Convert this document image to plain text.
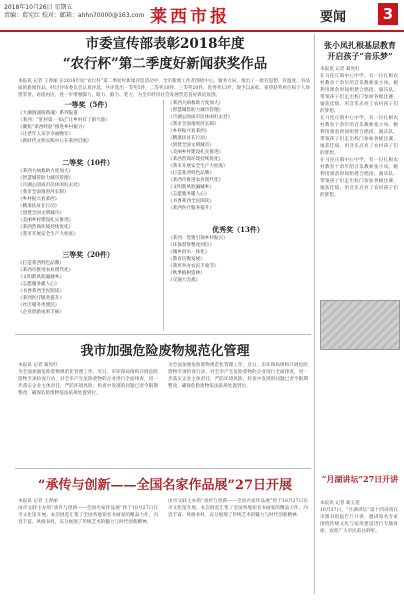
2018年10月26日 星期五
责编：葛宪红 校对：邮箱：ahhn70000@163.com 莱西市报	要闻	3
市委宣传部表彰2018年度
“农行杯”第二季度好新闻获奖作品
本报讯 记者 王春丽 在2018年度“农行杯”第二季度好新闻评选活动中，全市新闻工作者围绕中心、服务大局，推出了一批有思想、有温度、有品质的新闻作品。经过评审委员会认真评选，共评选出一等奖5件、二等奖10件、三等奖20件、优秀奖13件，现予以表彰。希望获奖单位和个人珍惜荣誉、再接再厉，进一步增强脚力、眼力、脑力、笔力，为全市经济社会发展营造良好舆论氛围。
一等奖（5件）
《大潮汹涌铸新魂》系列报道
《莱西：“驻村第一书记”让乡村有了新气象》
《聚焦“莱西经验”推进乡村振兴》
《让老年人乐享幸福晚年》
《新时代文明实践中心在莱西启航》
二等奖（10件）
《莱西大病救助力度加大》
《智慧城管助力城市管理》
《月湖公园成市民休闲好去处》
《我市全面推进河长制》
《乡村振兴看莱西》
《精准扶贫在行动》
《创建全国文明城市》
《美丽乡村建设扎实推进》
《莱西营商环境持续优化》
《我市开展安全生产大检查》
三等奖（20件）
《打造莱西特色品牌》
《莱西市推进农业现代化》
《文明新风吹遍城乡》
《志愿服务暖人心》
《书香莱西全民阅读》
《莱西医疗服务提升》
《社区服务更便民》
《企业创新成果丰硕》
《莱西大病救助力度加大》
《智慧城管助力城市管理》
《月湖公园成市民休闲好去处》
《我市全面推进河长制》
《乡村振兴看莱西》
《精准扶贫在行动》
《创建全国文明城市》
《美丽乡村建设扎实推进》
《莱西营商环境持续优化》
《我市开展安全生产大检查》
《打造莱西特色品牌》
《莱西市推进农业现代化》
《文明新风吹遍城乡》
《志愿服务暖人心》
《书香莱西全民阅读》
《莱西医疗服务提升》
优秀奖（13件）
《莱西：党建引领乡村振兴》
《环保督察整改到位》
《城乡供水一体化》
《教育均衡发展》
《我市举办农民丰收节》
《秋季植树造林》
《交通大会战》
我市加强危险废物规范化管理
本报讯 记者 葛宪红
为全面加强危险废物规范化管理工作，近日，市环保局组织开展危险废物专项检查行动，对全市产生危险废物的企业进行全面排查，进一步落实企业主体责任，严防环境风险。检查中发现的问题已责令限期整改，确保危险废物依法依规处置到位。
为全面加强危险废物规范化管理工作，近日，市环保局组织开展危险废物专项检查行动，对全市产生危险废物的企业进行全面排查，进一步落实企业主体责任，严防环境风险。检查中发现的问题已责令限期整改，确保危险废物依法依规处置到位。
“承传与创新——全国名家作品展”27日开展
本报讯 记者 王春丽
由市文联主办的“承传与创新——全国名家作品展”将于10月27日在市文化馆开展。本次展览汇集了全国各地知名书画家的精品力作，内容丰富、风格多样，充分展现了传统艺术的魅力与时代创新精神。
由市文联主办的“承传与创新——全国名家作品展”将于10月27日在市文化馆开展。本次展览汇集了全国各地知名书画家的精品力作，内容丰富、风格多样，充分展现了传统艺术的魅力与时代创新精神。
张小凤扎根基层教育 开启孩子“音乐梦”
本报讯 记者 葛宪红
在马连庄镇中心中学，有一位扎根农村教育十余年的音乐教师张小凤。她利用课余时间组建合唱团、器乐队，带领孩子们走出校门参加各级比赛，屡获佳绩，用音乐点亮了农村孩子们的梦想。
在马连庄镇中心中学，有一位扎根农村教育十余年的音乐教师张小凤。她利用课余时间组建合唱团、器乐队，带领孩子们走出校门参加各级比赛，屡获佳绩，用音乐点亮了农村孩子们的梦想。
在马连庄镇中心中学，有一位扎根农村教育十余年的音乐教师张小凤。她利用课余时间组建合唱团、器乐队，带领孩子们走出校门参加各级比赛，屡获佳绩，用音乐点亮了农村孩子们的梦想。
“月湖讲坛”27日开讲
本报讯 记者 葛玉莲
10月27日，“月湖讲坛”第十四讲将在市图书馆报告厅开讲，邀请知名专家围绕传统文化与家风建设进行专题讲座，欢迎广大市民前往聆听。
